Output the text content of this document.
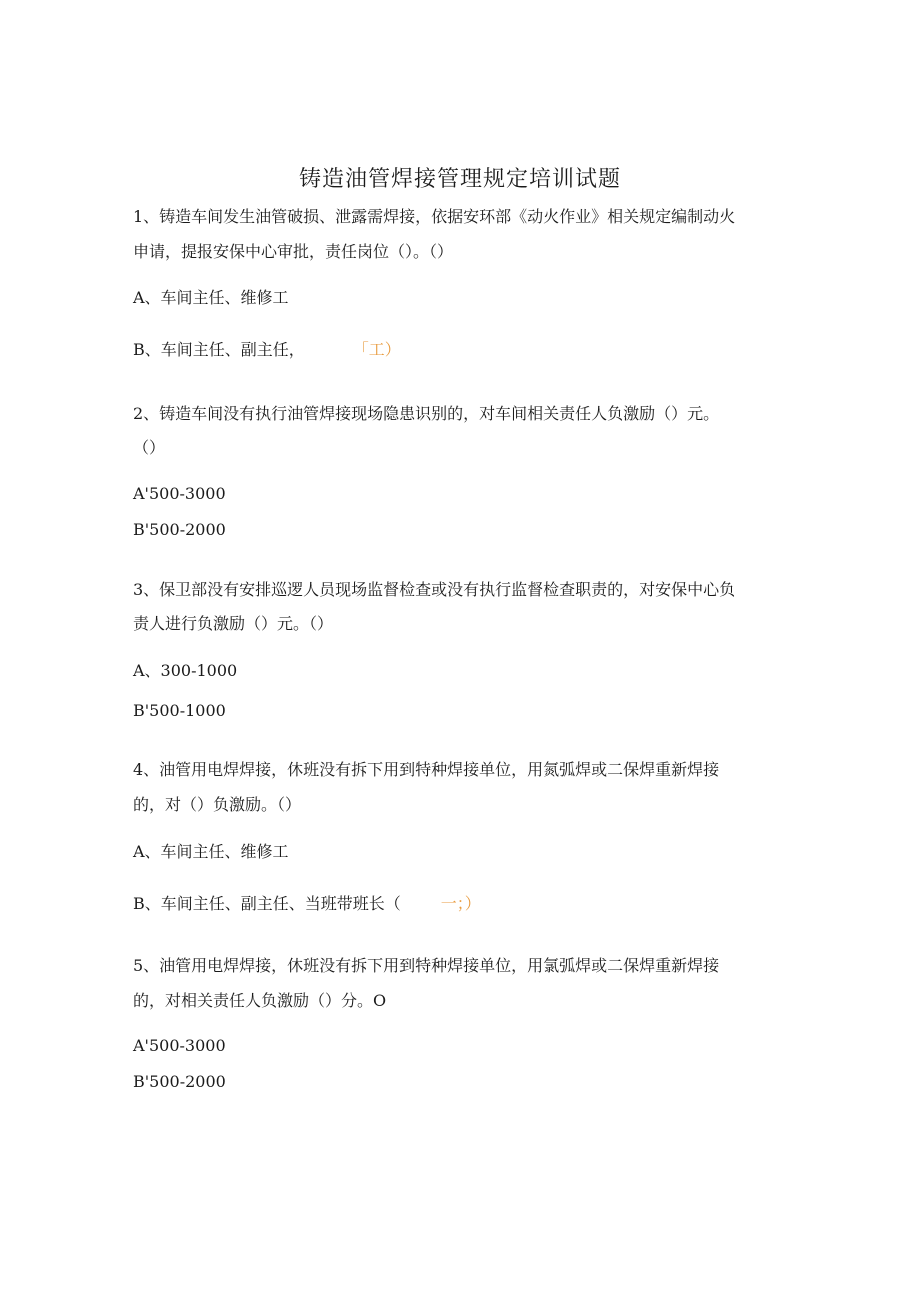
铸造油管焊接管理规定培训试题
1、铸造车间发生油管破损、泄露需焊接，依据安环部《动火作业》相关规定编制动火
申请，提报安保中心审批，责任岗位（）。（）
A、车间主任、维修工
B、车间主任、副主任，	「工）
2、铸造车间没有执行油管焊接现场隐患识别的，对车间相关责任人负激励（）元。
（）
A'500-3000
B'500-2000
3、保卫部没有安排巡逻人员现场监督检查或没有执行监督检查职责的，对安保中心负
责人进行负激励（）元。（）
A、300-1000
B'500-1000
4、油管用电焊焊接，休班没有拆下用到特种焊接单位，用氮弧焊或二保焊重新焊接
的，对（）负激励。（）
A、车间主任、维修工
B、车间主任、副主任、当班带班长（	一；）
5、油管用电焊焊接，休班没有拆下用到特种焊接单位，用氯弧焊或二保焊重新焊接
的，对相关责任人负激励（）分。O
A'500-3000
B'500-2000
